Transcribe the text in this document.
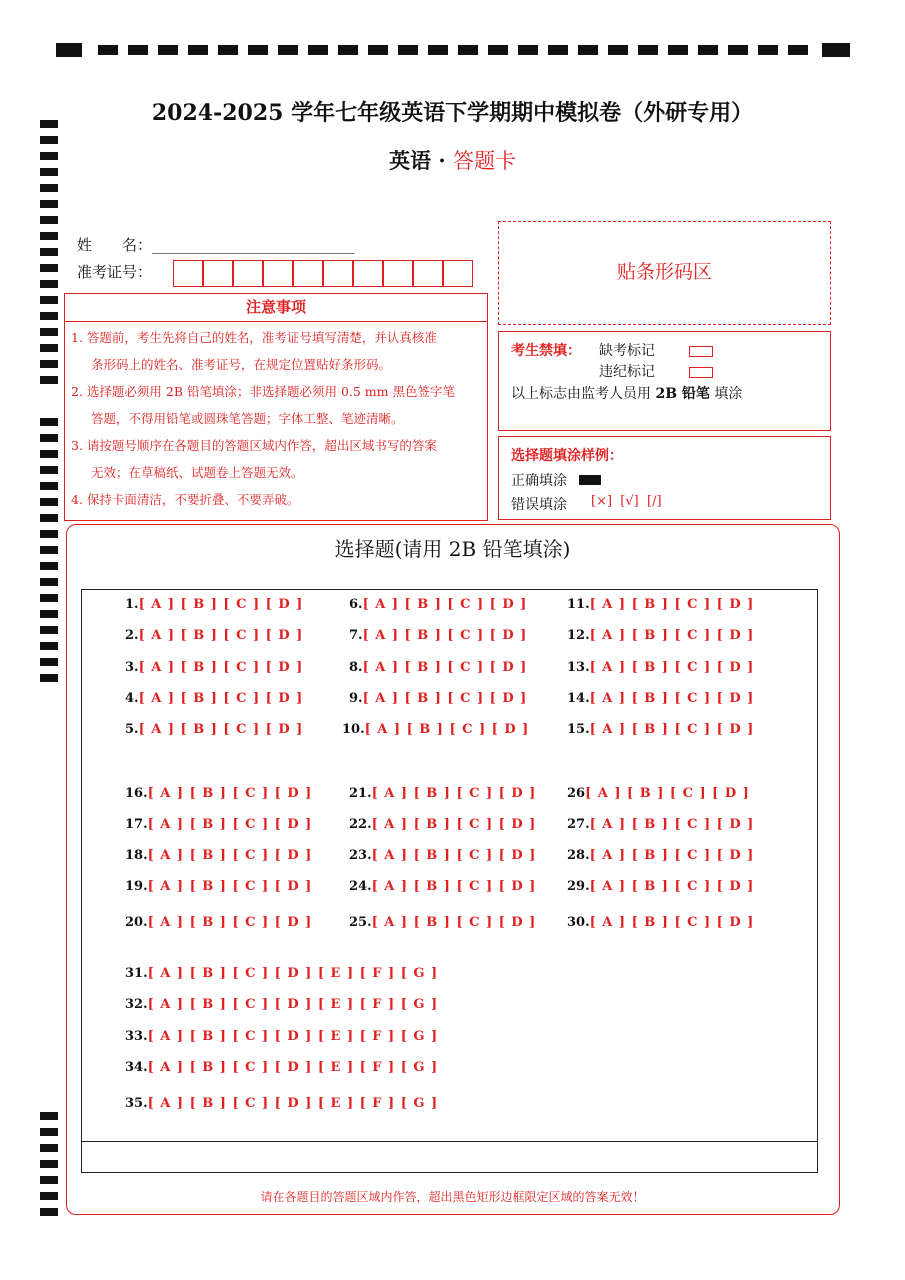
2024-2025 学年七年级英语下学期期中模拟卷（外研专用）
英语 · 答题卡
姓　　名：___________________________
准考证号：
注意事项
1. 答题前，考生先将自己的姓名，准考证号填写清楚，并认真核准
条形码上的姓名、准考证号，在规定位置贴好条形码。
2. 选择题必须用 2B 铅笔填涂；非选择题必须用 0.5 mm 黑色签字笔
答题，不得用铅笔或圆珠笔答题；字体工整、笔迹清晰。
3. 请按题号顺序在各题目的答题区域内作答，超出区域书写的答案
无效；在草稿纸、试题卷上答题无效。
4. 保持卡面清洁，不要折叠、不要弄破。
贴条形码区
考生禁填： 缺考标记
违纪标记
以上标志由监考人员用 2B 铅笔 填涂
选择题填涂样例：
正确填涂
错误填涂 [×]  [√]  [/]
选择题(请用 2B 铅笔填涂)
1.[ A ] [ B ] [ C ] [ D ]
2.[ A ] [ B ] [ C ] [ D ]
3.[ A ] [ B ] [ C ] [ D ]
4.[ A ] [ B ] [ C ] [ D ]
5.[ A ] [ B ] [ C ] [ D ]
6.[ A ] [ B ] [ C ] [ D ]
7.[ A ] [ B ] [ C ] [ D ]
8.[ A ] [ B ] [ C ] [ D ]
9.[ A ] [ B ] [ C ] [ D ]
10.[ A ] [ B ] [ C ] [ D ]
11.[ A ] [ B ] [ C ] [ D ]
12.[ A ] [ B ] [ C ] [ D ]
13.[ A ] [ B ] [ C ] [ D ]
14.[ A ] [ B ] [ C ] [ D ]
15.[ A ] [ B ] [ C ] [ D ]
16.[ A ] [ B ] [ C ] [ D ]
17.[ A ] [ B ] [ C ] [ D ]
18.[ A ] [ B ] [ C ] [ D ]
19.[ A ] [ B ] [ C ] [ D ]
20.[ A ] [ B ] [ C ] [ D ]
21.[ A ] [ B ] [ C ] [ D ]
22.[ A ] [ B ] [ C ] [ D ]
23.[ A ] [ B ] [ C ] [ D ]
24.[ A ] [ B ] [ C ] [ D ]
25.[ A ] [ B ] [ C ] [ D ]
26[ A ] [ B ] [ C ] [ D ]
27.[ A ] [ B ] [ C ] [ D ]
28.[ A ] [ B ] [ C ] [ D ]
29.[ A ] [ B ] [ C ] [ D ]
30.[ A ] [ B ] [ C ] [ D ]
31.[ A ] [ B ] [ C ] [ D ] [ E ] [ F ] [ G ]
32.[ A ] [ B ] [ C ] [ D ] [ E ] [ F ] [ G ]
33.[ A ] [ B ] [ C ] [ D ] [ E ] [ F ] [ G ]
34.[ A ] [ B ] [ C ] [ D ] [ E ] [ F ] [ G ]
35.[ A ] [ B ] [ C ] [ D ] [ E ] [ F ] [ G ]
请在各题目的答题区域内作答，超出黑色矩形边框限定区域的答案无效！
